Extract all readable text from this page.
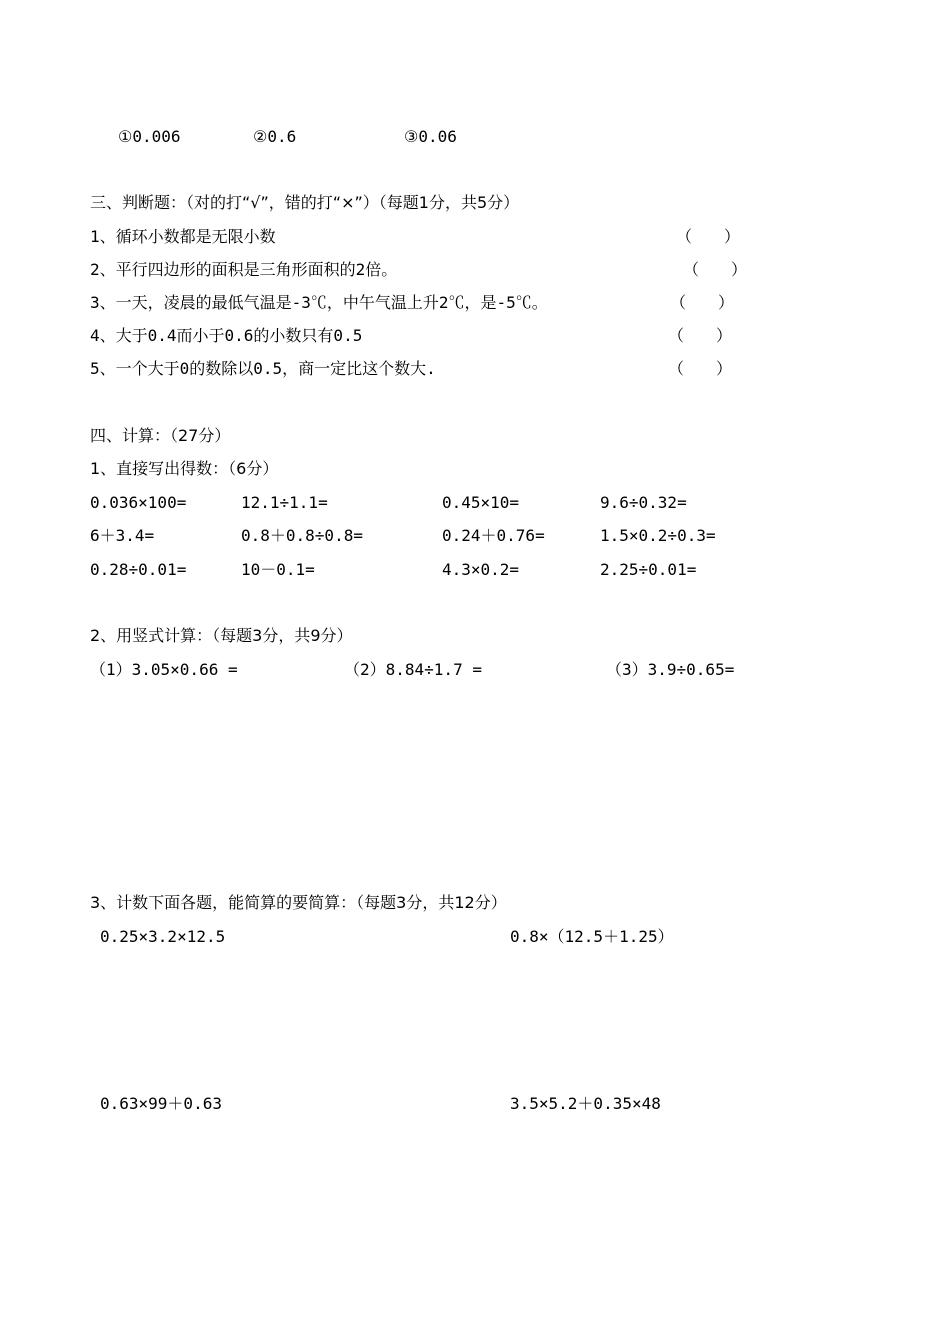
①0.006	②0.6	③0.06
三、判断题：（对的打“√”，错的打“×”）（每题1分，共5分）
1、循环小数都是无限小数	（　　）
2、平行四边形的面积是三角形面积的2倍。	（　　）
3、一天，凌晨的最低气温是-3℃，中午气温上升2℃，是-5℃。	（　　）
4、大于0.4而小于0.6的小数只有0.5	（　　）
5、一个大于0的数除以0.5，商一定比这个数大.	（　　）
四、计算：（27分）
1、直接写出得数：（6分）
0.036×100=	12.1÷1.1=	0.45×10=	9.6÷0.32=
6＋3.4=	0.8＋0.8÷0.8=	0.24＋0.76=	1.5×0.2÷0.3=
0.28÷0.01=	10－0.1=	4.3×0.2=	2.25÷0.01=
2、用竖式计算：（每题3分，共9分）
（1）3.05×0.66 =	（2）8.84÷1.7 =	（3）3.9÷0.65=
3、计数下面各题，能简算的要简算：（每题3分，共12分）
0.25×3.2×12.5	0.8×（12.5＋1.25）
0.63×99＋0.63	3.5×5.2＋0.35×48
